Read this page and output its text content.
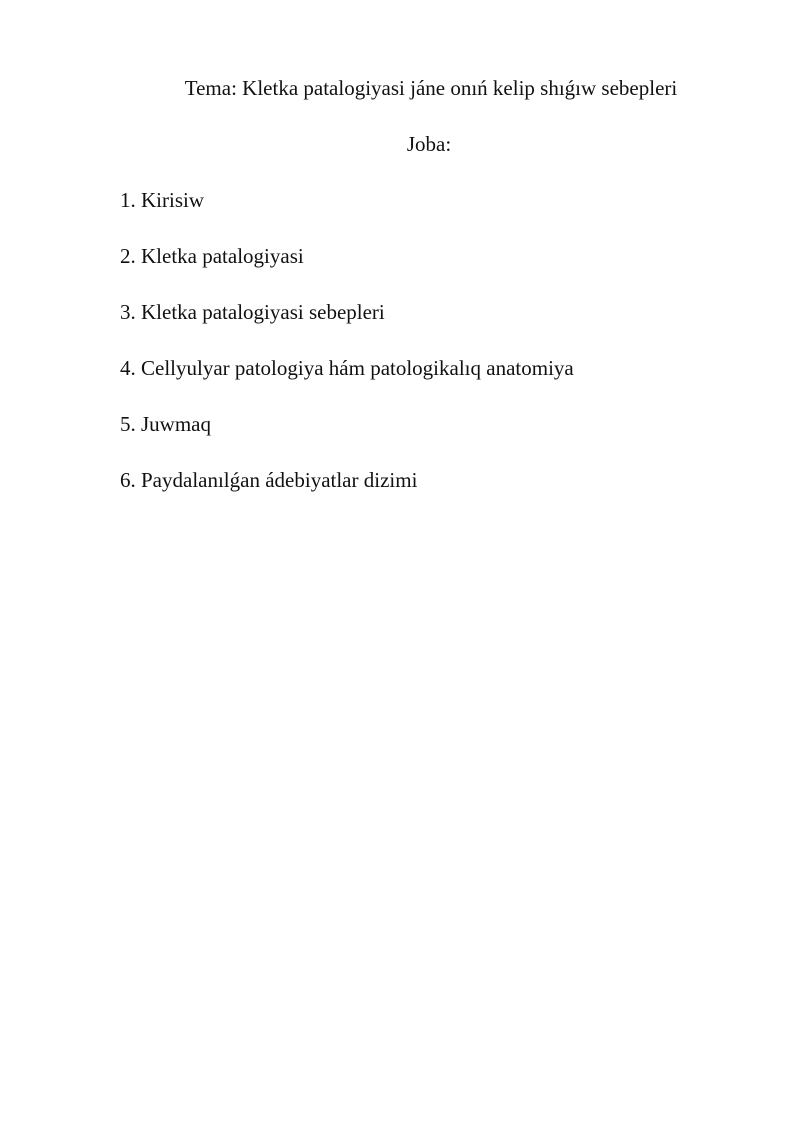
Tema: Kletka patalogiyasi jáne onıń kelip shıǵıw sebepleri
Joba:
1. Kirisiw
2. Kletka patalogiyasi
3. Kletka patalogiyasi sebepleri
4. Cellyulyar patologiya hám patologikalıq anatomiya
5. Juwmaq
6. Paydalanılǵan ádebiyatlar dizimi
